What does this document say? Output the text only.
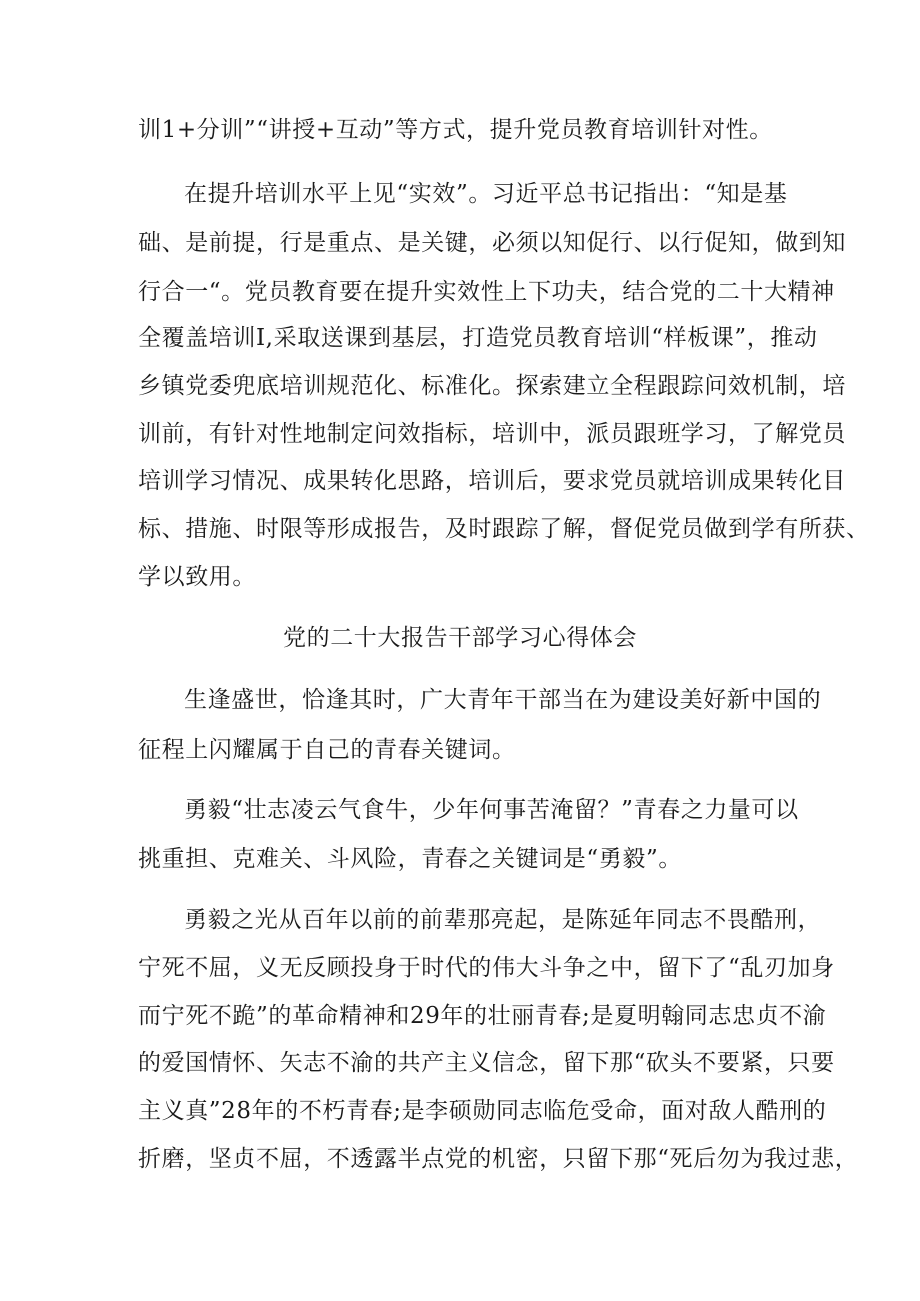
训1+分训”“讲授+互动”等方式，提升党员教育培训针对性。
在提升培训水平上见“实效”。习近平总书记指出：“知是基
础、是前提，行是重点、是关键，必须以知促行、以行促知，做到知
行合一“。党员教育要在提升实效性上下功夫，结合党的二十大精神
全覆盖培训I,采取送课到基层，打造党员教育培训“样板课”，推动
乡镇党委兜底培训规范化、标准化。探索建立全程跟踪问效机制，培
训前，有针对性地制定问效指标，培训中，派员跟班学习，了解党员
培训学习情况、成果转化思路，培训后，要求党员就培训成果转化目
标、措施、时限等形成报告，及时跟踪了解，督促党员做到学有所获、
学以致用。
党的二十大报告干部学习心得体会
生逢盛世，恰逢其时，广大青年干部当在为建设美好新中国的
征程上闪耀属于自己的青春关键词。
勇毅“壮志凌云气食牛，少年何事苦淹留？”青春之力量可以
挑重担、克难关、斗风险，青春之关键词是“勇毅”。
勇毅之光从百年以前的前辈那亮起，是陈延年同志不畏酷刑，
宁死不屈，义无反顾投身于时代的伟大斗争之中，留下了“乱刃加身
而宁死不跪”的革命精神和29年的壮丽青春;是夏明翰同志忠贞不渝
的爱国情怀、矢志不渝的共产主义信念，留下那“砍头不要紧，只要
主义真”28年的不朽青春;是李硕勋同志临危受命，面对敌人酷刑的
折磨，坚贞不屈，不透露半点党的机密，只留下那“死后勿为我过悲，
